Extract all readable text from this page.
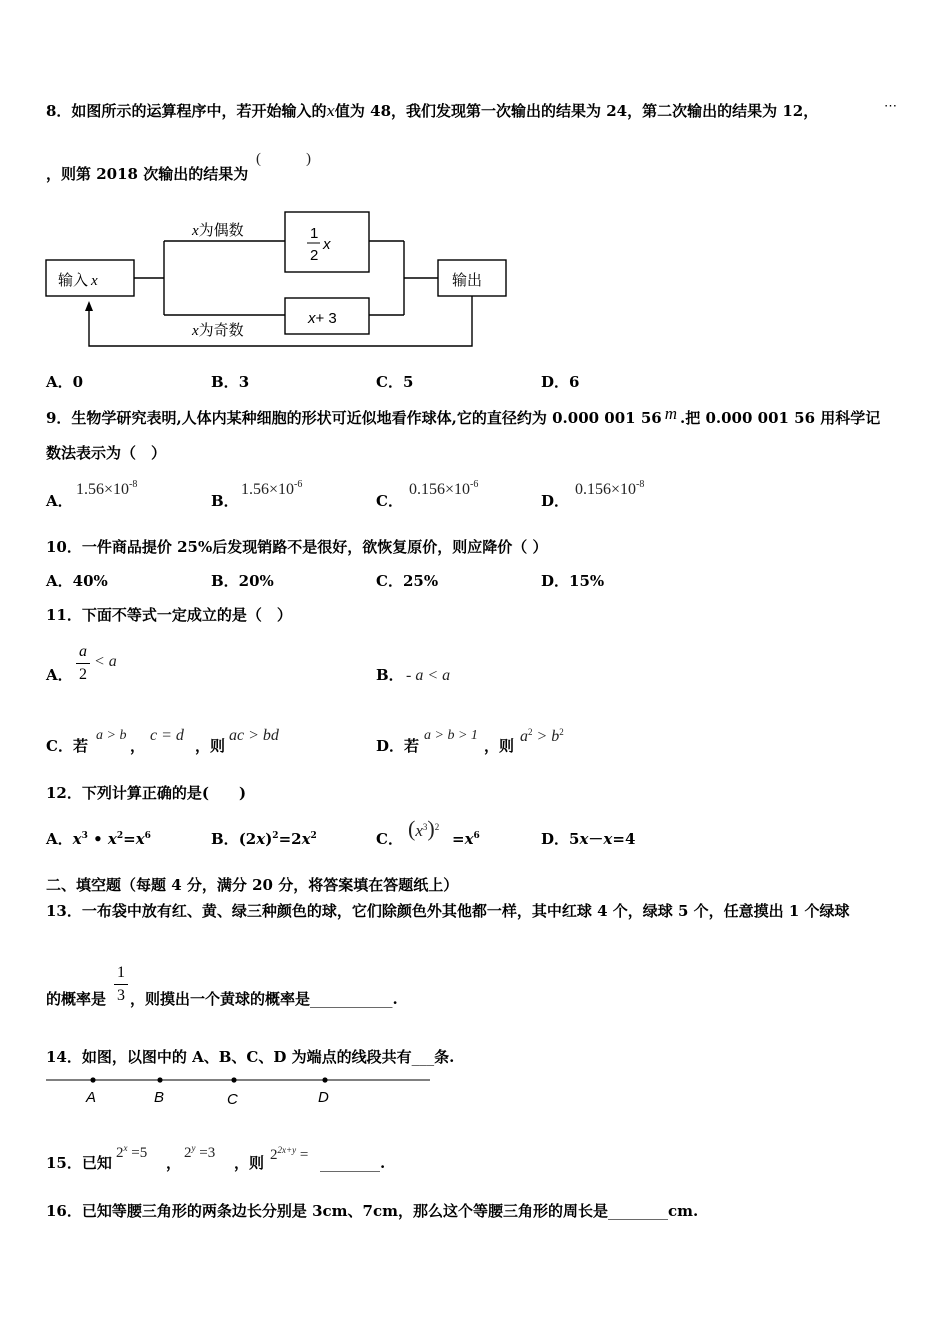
8．如图所示的运算程序中，若开始输入的x值为 48，我们发现第一次输出的结果为 24，第二次输出的结果为 12，	⋯
，则第 2018 次输出的结果为
(　　　)
输入 x
x为偶数
x为奇数
1
2
x
x+ 3
输出
A．0	B．3	C．5	D．6
9．生物学研究表明,人体内某种细胞的形状可近似地看作球体,它的直径约为 0.000 001 56 m .把 0.000 001 56 用科学记
数法表示为（　）
A．
$1.56\times 10^{-8}$
B．
$1.56\times 10^{-6}$
C．
$0.156\times 10^{-6}$
D．
$0.156\times 10^{-8}$
10．一件商品提价 25%后发现销路不是很好，欲恢复原价，则应降价（ ）
A．40%	B．20%	C．25%	D．15%
11．下面不等式一定成立的是（　）
A．
a
2
< a
B． - a < a
C．若
a > b
，
c = d
，则
ac > bd
D．若
a > b > 1
，则
$a^2 > b^2$
12．下列计算正确的是(　　)
A．$x^3$ • $x^2=x^6$	B．$(2x)^2=2x^2$	C． $(x^3)^2$
$=x^6$	D．5x－x=4
二、填空题（每题 4 分，满分 20 分，将答案填在答题纸上）
13．一布袋中放有红、黄、绿三种颜色的球，它们除颜色外其他都一样，其中红球 4 个，绿球 5 个，任意摸出 1 个绿球
的概率是
1
3 ，则摸出一个黄球的概率是___________.
14．如图，以图中的 A、B、C、D 为端点的线段共有___条.
A	B	C	D
15．已知
$2^x =5$
，
$2^y =3$
，则 $2^{2x+y}$ = ________.
16．已知等腰三角形的两条边长分别是 3cm、7cm，那么这个等腰三角形的周长是________cm.
